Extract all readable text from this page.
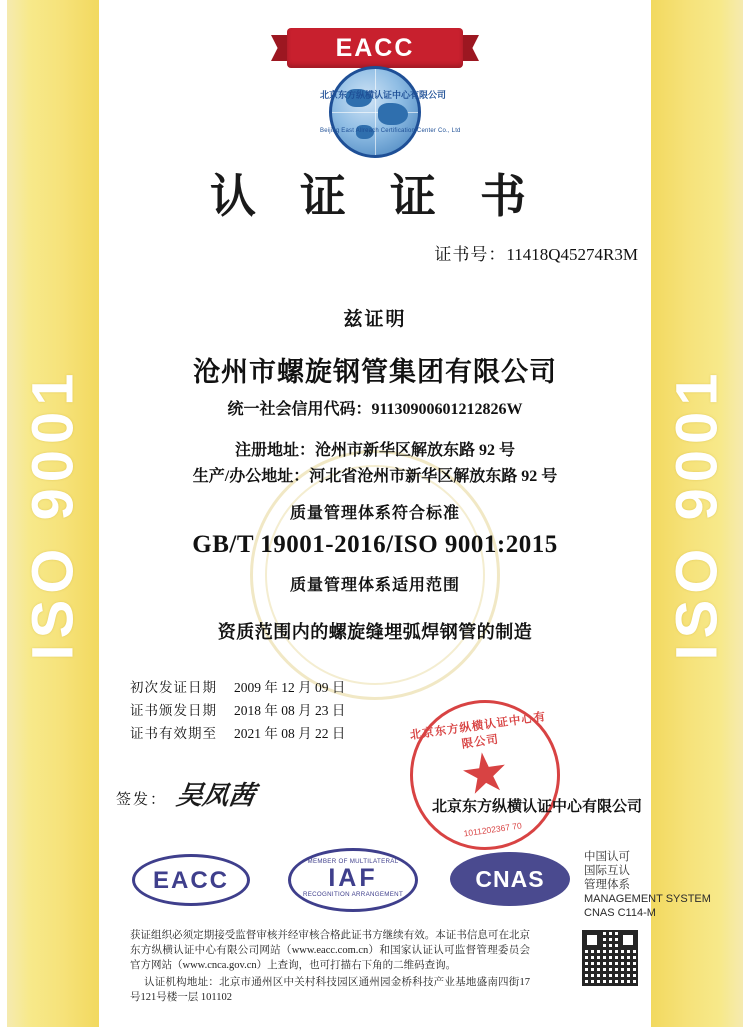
ISO 9001	ISO 9001
EACC
北京东方纵横认证中心有限公司
Beijing East Allreach Certification Center Co., Ltd
认 证 证 书
证书号：11418Q45274R3M
兹证明
沧州市螺旋钢管集团有限公司
统一社会信用代码：91130900601212826W
注册地址：沧州市新华区解放东路 92 号
生产/办公地址：河北省沧州市新华区解放东路 92 号
质量管理体系符合标准
GB/T 19001-2016/ISO 9001:2015
质量管理体系适用范围
资质范围内的螺旋缝埋弧焊钢管的制造
初次发证日期 2009 年 12 月 09 日
证书颁发日期 2018 年 08 月 23 日
证书有效期至 2021 年 08 月 22 日
签发： 吴凤茜
北京东方纵横认证中心有限公司
1011202367 70
北京东方纵横认证中心有限公司
EACC
MEMBER OF MULTILATERAL
IAF
RECOGNITION ARRANGEMENT
CNAS
中国认可
国际互认
管理体系
MANAGEMENT SYSTEM
CNAS C114-M

获证组织必须定期接受监督审核并经审核合格此证书方继续有效。本证书信息可在北京东方纵横认证中心有限公司网站（www.eacc.com.cn）和国家认证认可监督管理委员会官方网站（www.cnca.gov.cn）上查询，也可打描右下角的二维码查询。

认证机构地址：北京市通州区中关村科技园区通州园金桥科技产业基地盛南四街17号121号楼一层 101102
